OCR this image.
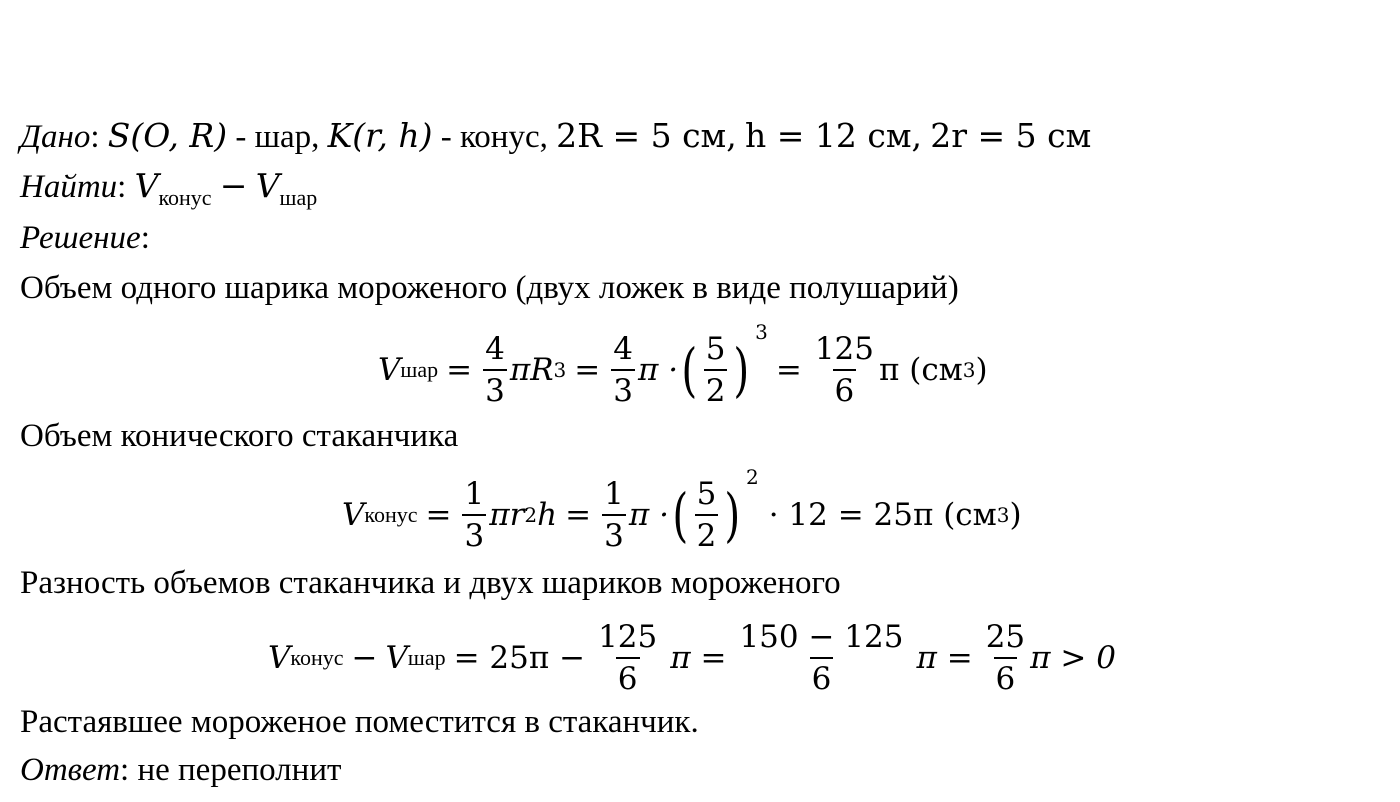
Дано: S(O, R) - шар, K(r, h) - конус, 2R = 5 см, h = 12 см, 2r = 5 см
Найти: $V_{конус} - V_{шар}$
Решение:
Объем одного шарика мороженого (двух ложек в виде полушарий)
V шар = $\frac{4}{3}$ πR $3 = \frac{4}{3}$ π · ( $\frac{5}{2}$ )
3
= $\frac{125}{6}$ π (см 3 )
Объем конического стаканчика
V конус = $\frac{1}{3}$ πr 2 $h = \frac{1}{3}$ π · ( $\frac{5}{2}$ )
2
· 12 = 25π (см 3 )
Разность объемов стаканчика и двух шариков мороженого
V конус − V шар = $25\pi - \frac{125}{6}$ $\pi = \frac{150 - 125}{6}$ $\pi = \frac{25}{6}$ π > 0
Растаявшее мороженое поместится в стаканчик.
Ответ: не переполнит
